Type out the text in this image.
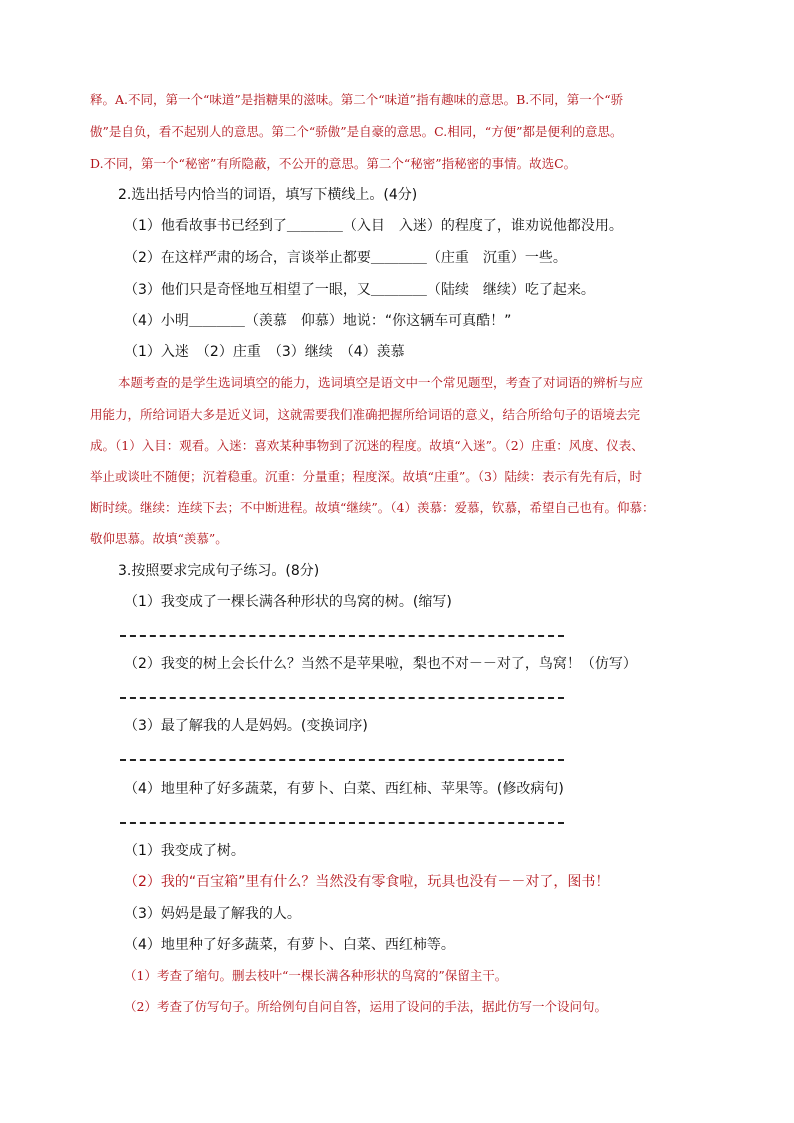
释。A.不同，第一个“味道”是指糖果的滋味。第二个“味道”指有趣味的意思。B.不同，第一个“骄
傲”是自负，看不起别人的意思。第二个“骄傲”是自豪的意思。C.相同，“方便”都是便利的意思。
D.不同，第一个“秘密”有所隐蔽，不公开的意思。第二个“秘密”指秘密的事情。故选C。
2.选出括号内恰当的词语，填写下横线上。(4分)
（1）他看故事书已经到了＿＿＿＿（入目　入迷）的程度了，谁劝说他都没用。
（2）在这样严肃的场合，言谈举止都要＿＿＿＿（庄重　沉重）一些。
（3）他们只是奇怪地互相望了一眼，又＿＿＿＿（陆续　继续）吃了起来。
（4）小明＿＿＿＿（羡慕　仰慕）地说：“你这辆车可真酷！”
（1）入迷　（2）庄重　（3）继续　（4）羡慕
本题考查的是学生选词填空的能力，选词填空是语文中一个常见题型，考查了对词语的辨析与应
用能力，所给词语大多是近义词，这就需要我们准确把握所给词语的意义，结合所给句子的语境去完
成。（1）入目：观看。入迷：喜欢某种事物到了沉迷的程度。故填“入迷”。（2）庄重：风度、仪表、
举止或谈吐不随便；沉着稳重。沉重：分量重；程度深。故填“庄重”。（3）陆续：表示有先有后，时
断时续。继续：连续下去；不中断进程。故填“继续”。（4）羡慕：爱慕，钦慕，希望自己也有。仰慕：
敬仰思慕。故填“羡慕”。
3.按照要求完成句子练习。(8分)
（1）我变成了一棵长满各种形状的鸟窝的树。(缩写)
（2）我变的树上会长什么？当然不是苹果啦，梨也不对－－对了，鸟窝！（仿写）
（3）最了解我的人是妈妈。(变换词序)
（4）地里种了好多蔬菜，有萝卜、白菜、西红柿、苹果等。(修改病句)
（1）我变成了树。
（2）我的“百宝箱”里有什么？当然没有零食啦，玩具也没有－－对了，图书！
（3）妈妈是最了解我的人。
（4）地里种了好多蔬菜，有萝卜、白菜、西红柿等。
（1）考查了缩句。删去枝叶“一棵长满各种形状的鸟窝的”保留主干。
（2）考查了仿写句子。所给例句自问自答，运用了设问的手法，据此仿写一个设问句。
